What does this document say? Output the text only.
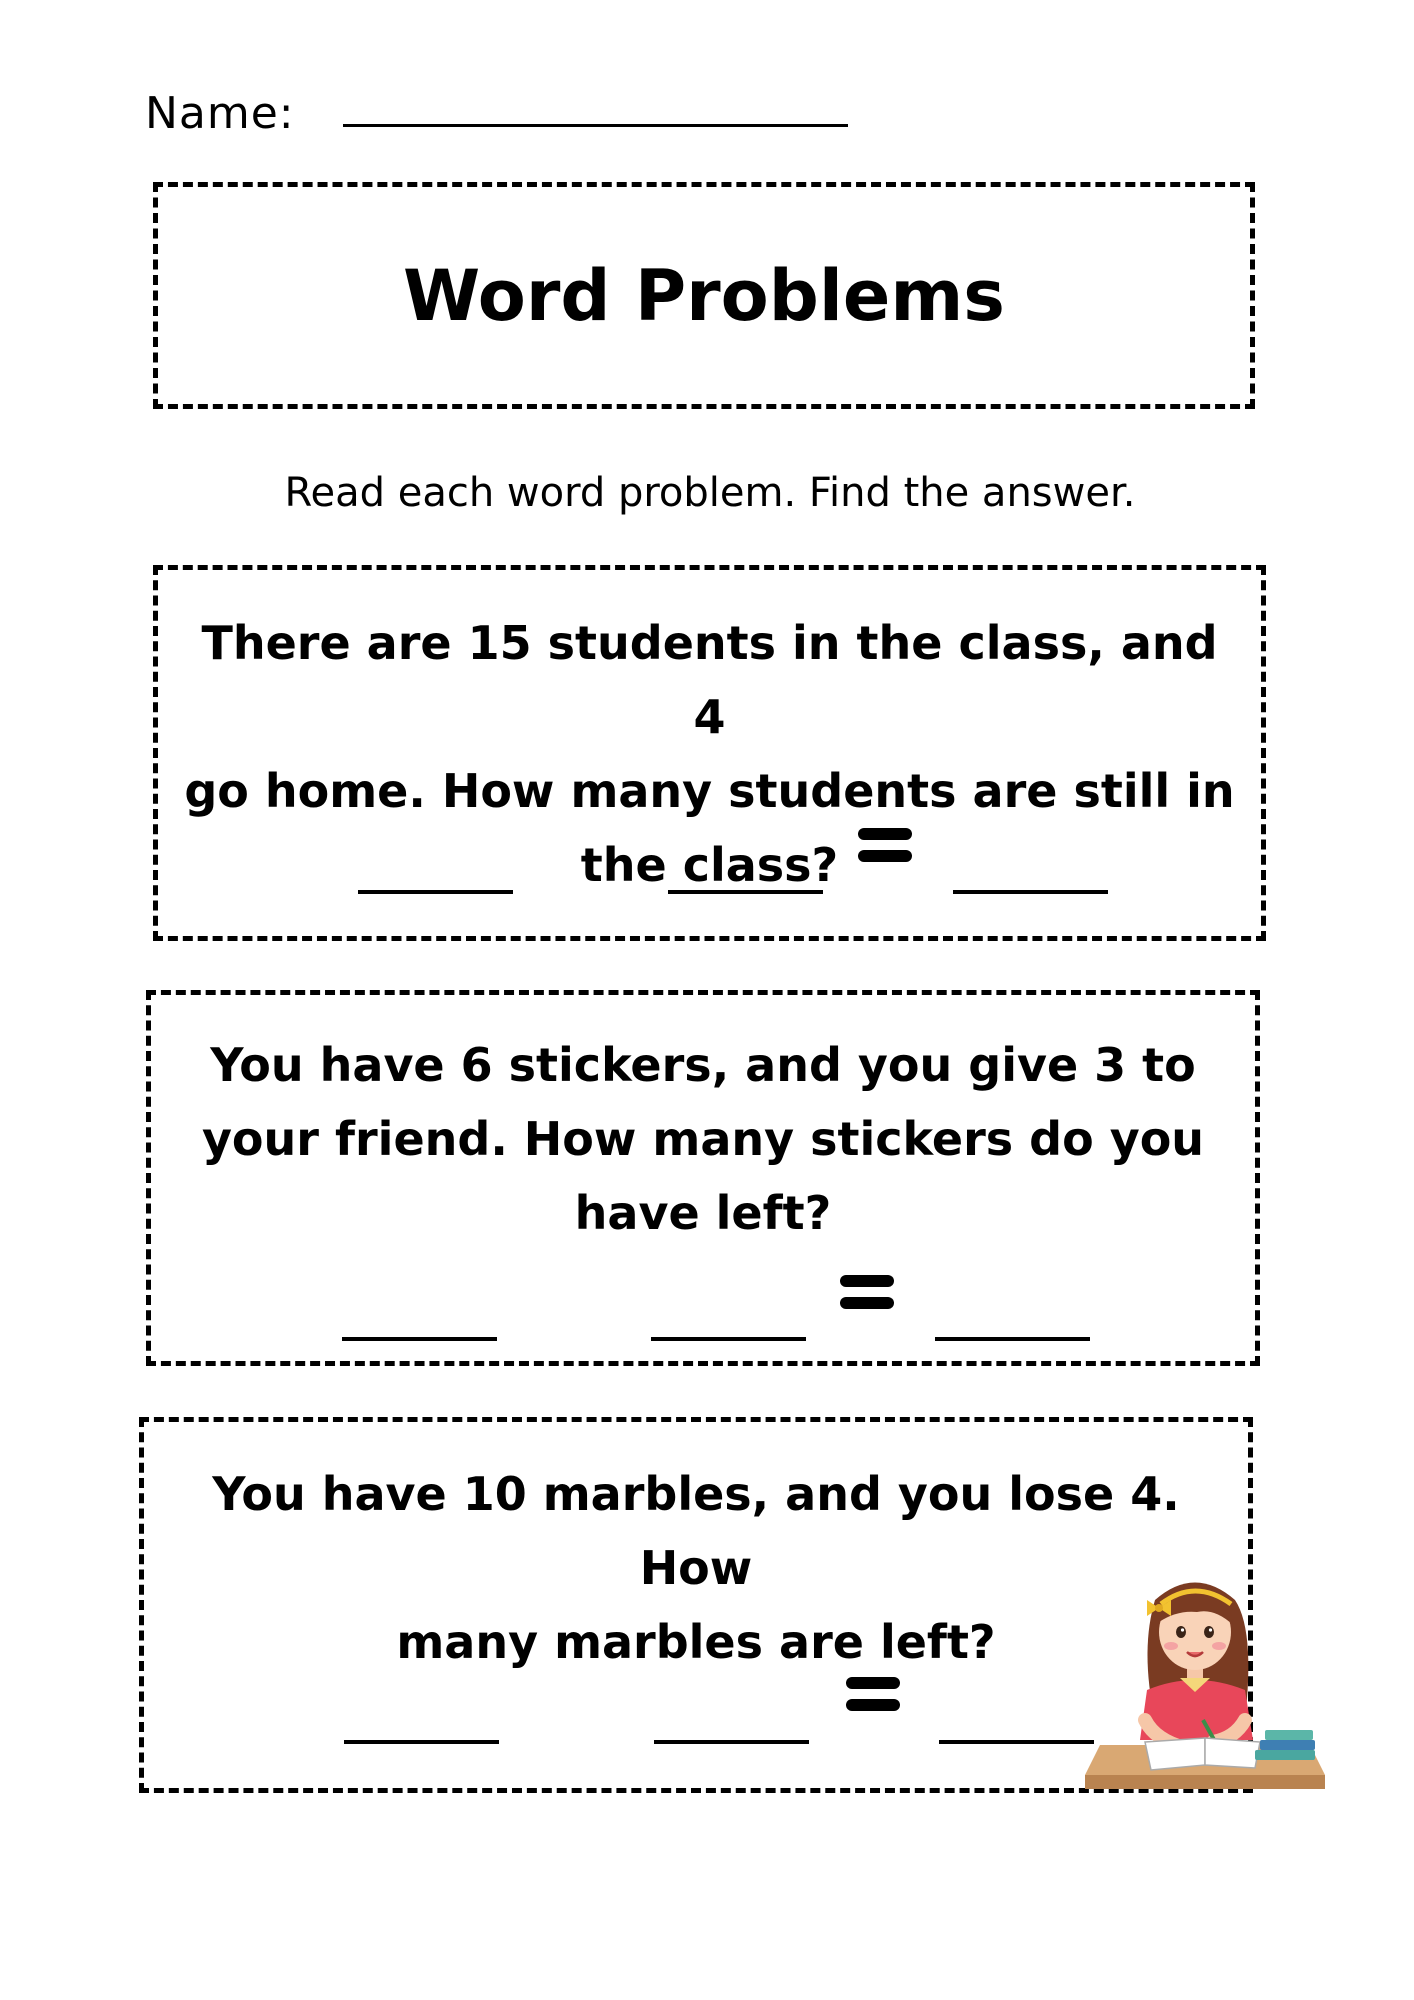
Name:
Word Problems
Read each word problem. Find the answer.
There are 15 students in the class, and 4
go home. How many students are still in
the class?
You have 6 stickers, and you give 3 to
your friend. How many stickers do you
have left?
You have 10 marbles, and you lose 4. How
many marbles are left?
